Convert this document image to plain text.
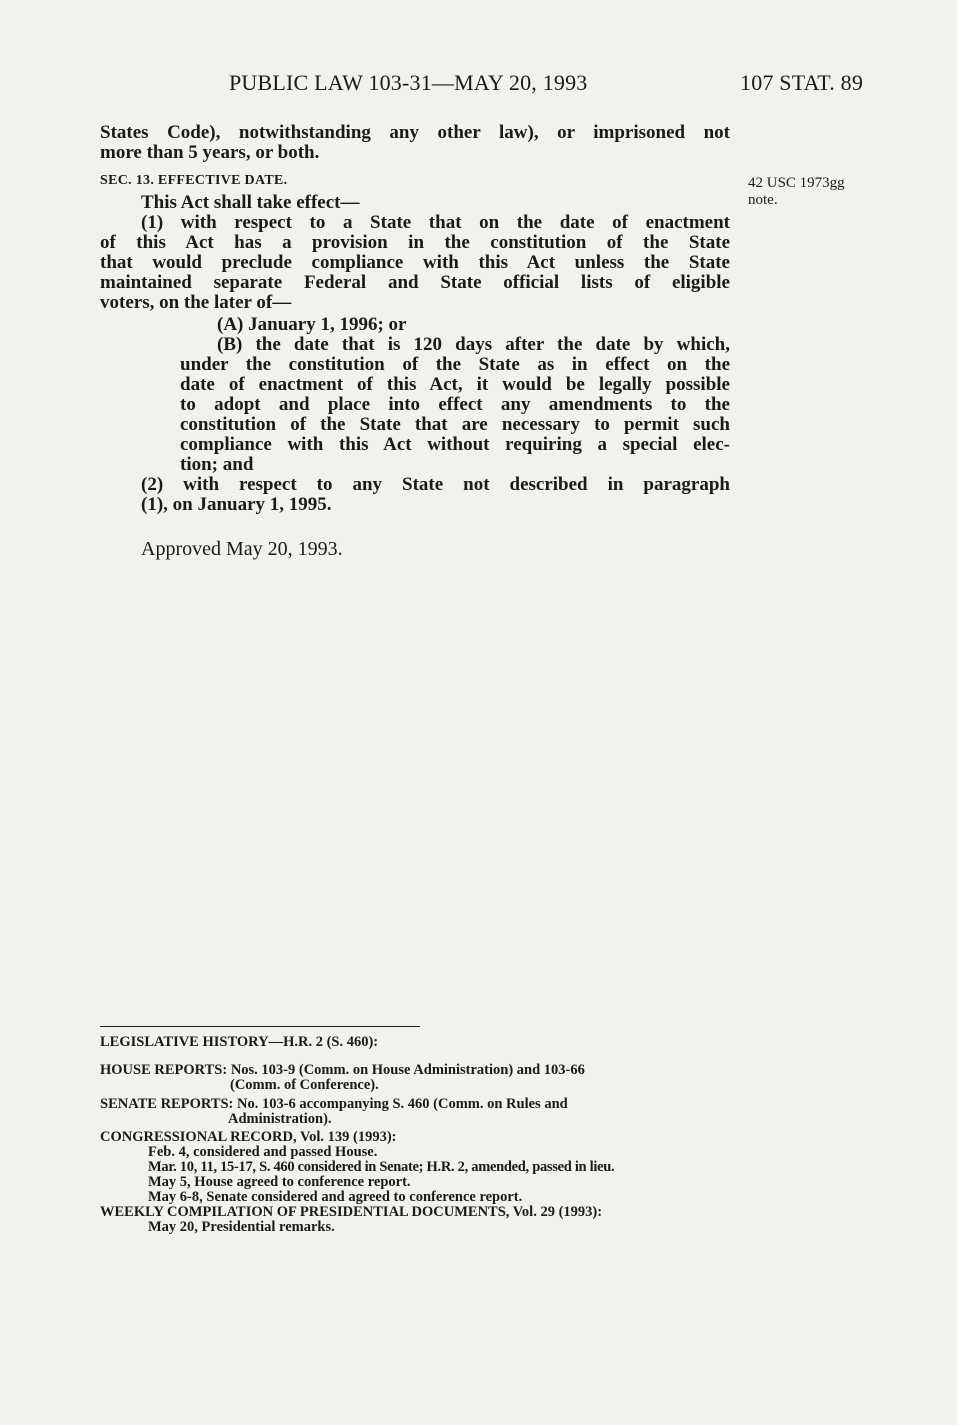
PUBLIC LAW 103-31—MAY 20, 1993	107 STAT. 89
States Code), notwithstanding any other law), or imprisoned not
more than 5 years, or both.
SEC. 13. EFFECTIVE DATE.
This Act shall take effect—
(1) with respect to a State that on the date of enactment
of this Act has a provision in the constitution of the State
that would preclude compliance with this Act unless the State
maintained separate Federal and State official lists of eligible
voters, on the later of—
(A) January 1, 1996; or
(B) the date that is 120 days after the date by which,
under the constitution of the State as in effect on the
date of enactment of this Act, it would be legally possible
to adopt and place into effect any amendments to the
constitution of the State that are necessary to permit such
compliance with this Act without requiring a special elec-
tion; and
(2) with respect to any State not described in paragraph
(1), on January 1, 1995.
Approved May 20, 1993.
42 USC 1973gg
note.
LEGISLATIVE HISTORY—H.R. 2 (S. 460):
HOUSE REPORTS: Nos. 103-9 (Comm. on House Administration) and 103-66
(Comm. of Conference).
SENATE REPORTS: No. 103-6 accompanying S. 460 (Comm. on Rules and
Administration).
CONGRESSIONAL RECORD, Vol. 139 (1993):
Feb. 4, considered and passed House.
Mar. 10, 11, 15-17, S. 460 considered in Senate; H.R. 2, amended, passed in lieu.
May 5, House agreed to conference report.
May 6-8, Senate considered and agreed to conference report.
WEEKLY COMPILATION OF PRESIDENTIAL DOCUMENTS, Vol. 29 (1993):
May 20, Presidential remarks.
